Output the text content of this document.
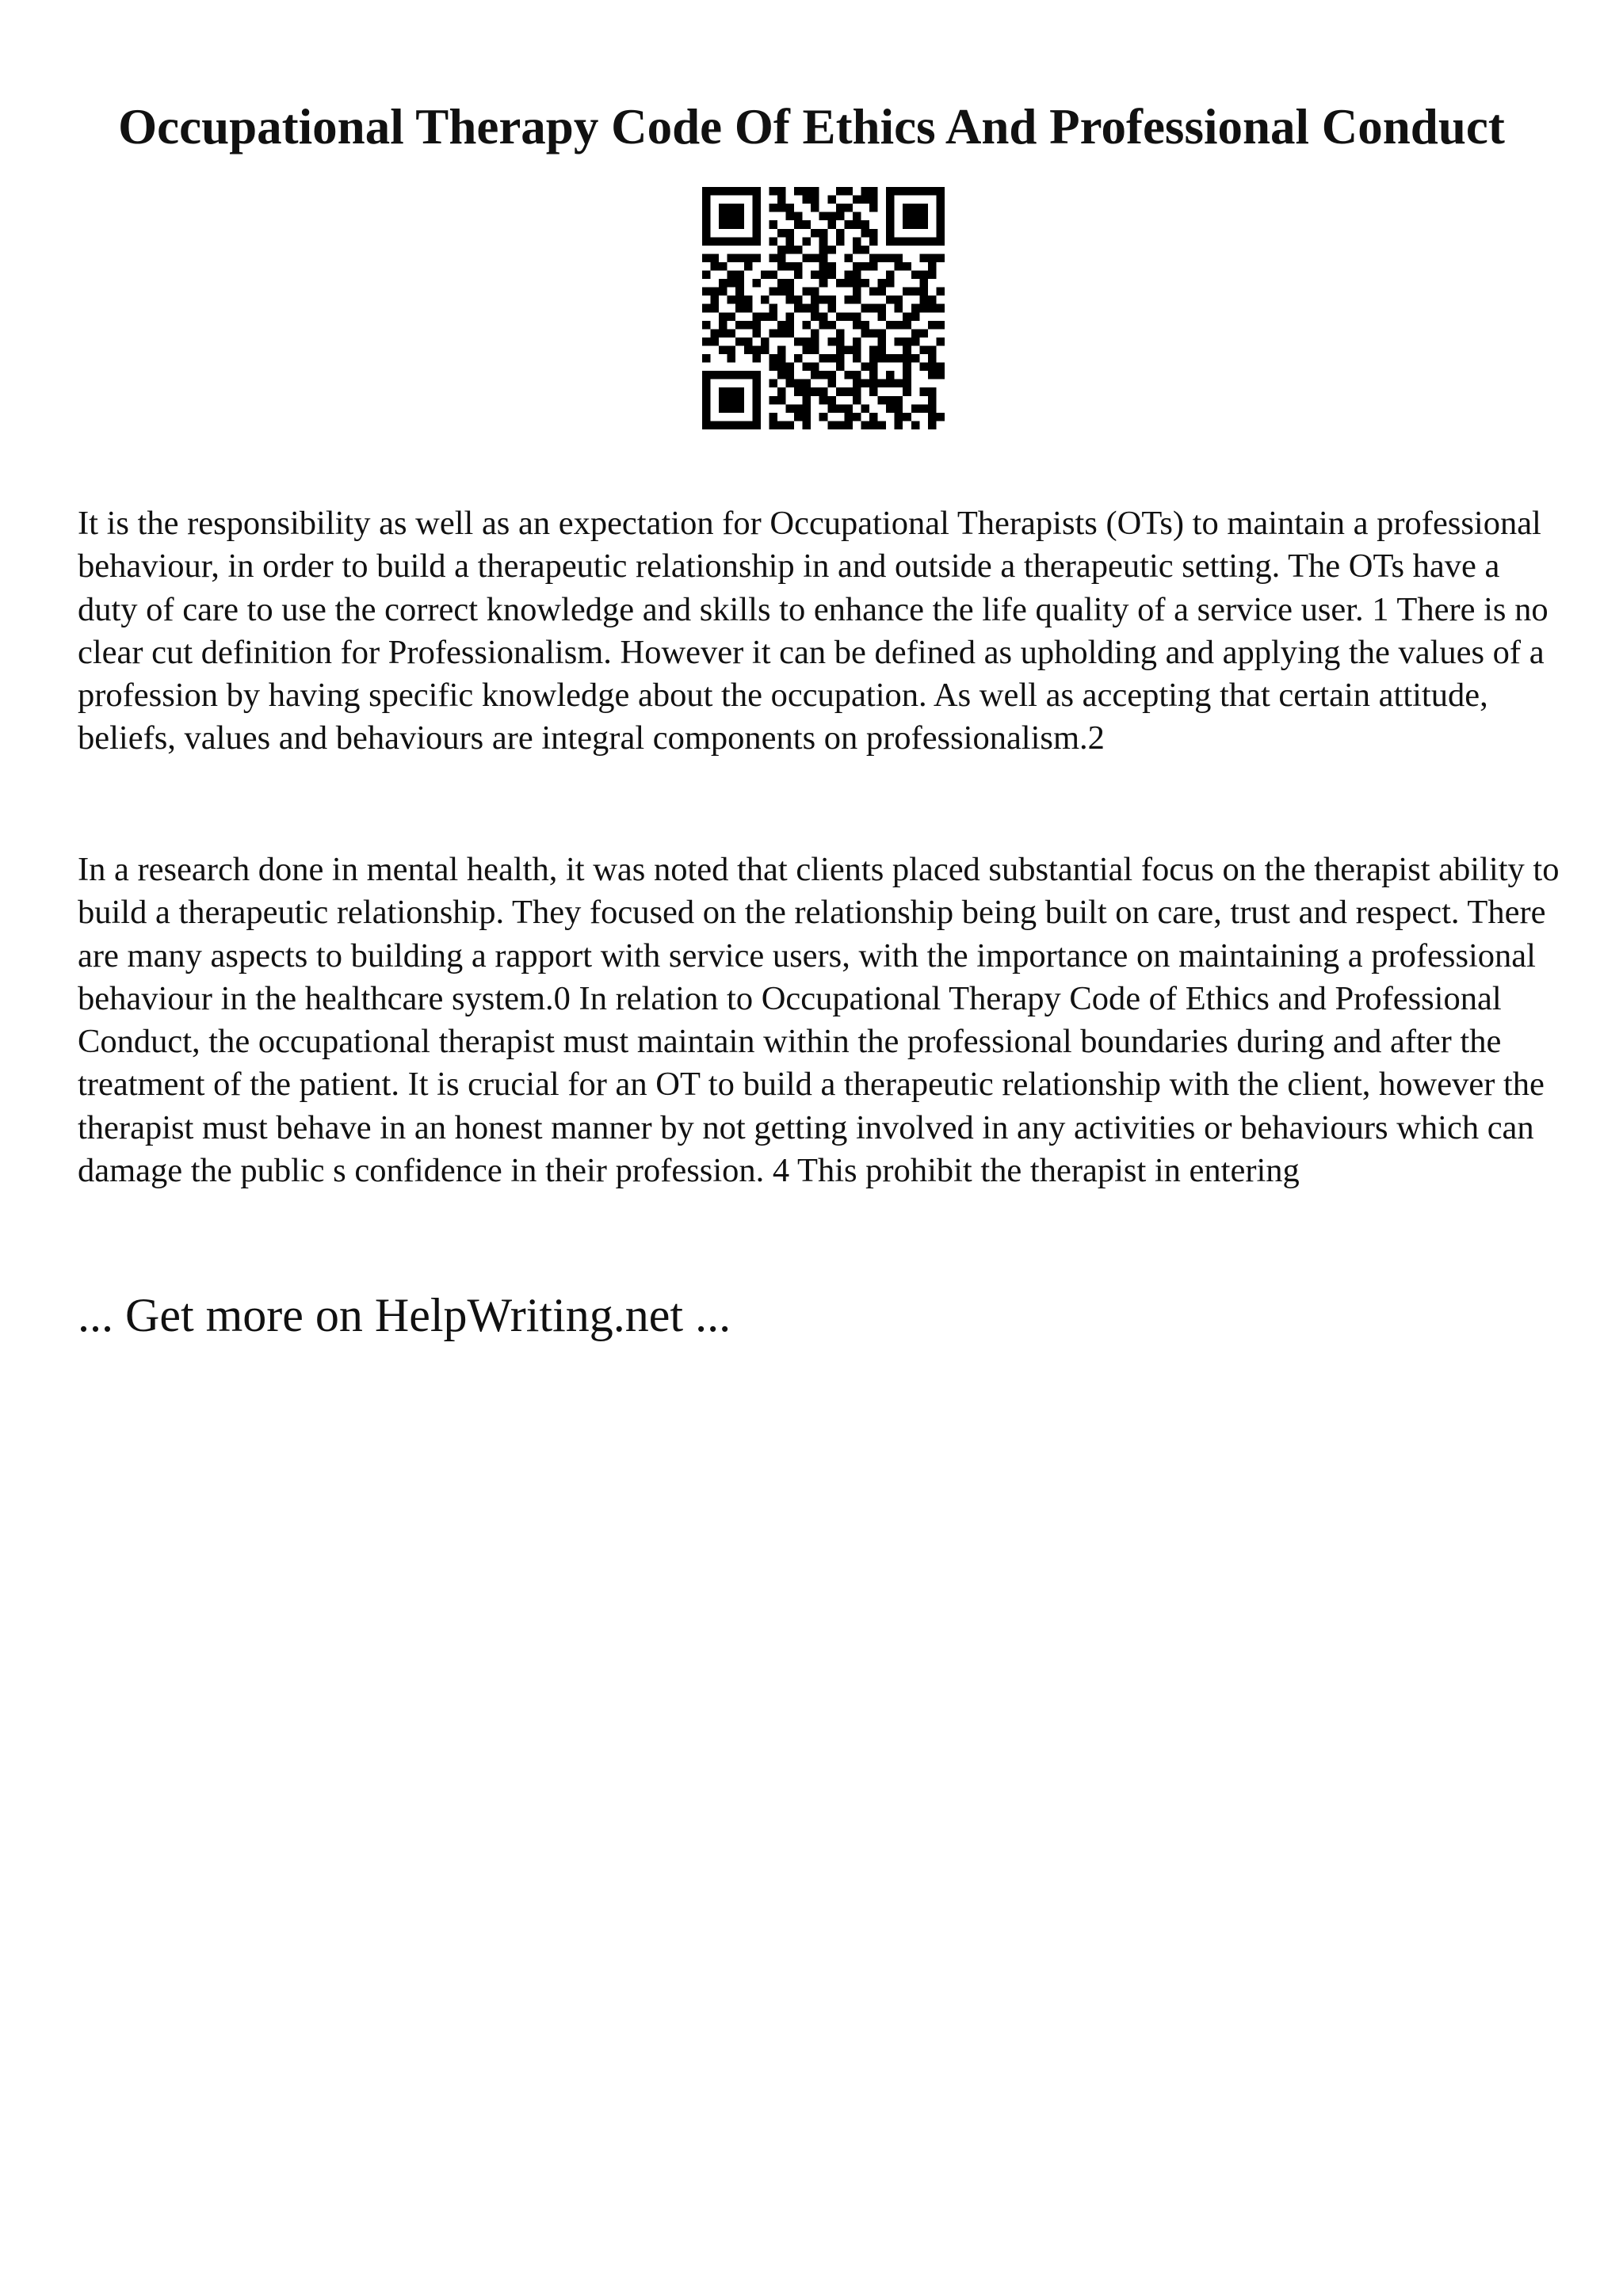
Occupational Therapy Code Of Ethics And Professional Conduct

It is the responsibility as well as an expectation for Occupational Therapists (OTs) to maintain a professional behaviour, in order to build a therapeutic relationship in and outside a therapeutic setting. The OTs have a duty of care to use the correct knowledge and skills to enhance the life quality of a service user. 1 There is no clear cut definition for Professionalism. However it can be defined as upholding and applying the values of a profession by having specific knowledge about the occupation. As well as accepting that certain attitude, beliefs, values and behaviours are integral components on professionalism.2

In a research done in mental health, it was noted that clients placed substantial focus on the therapist ability to build a therapeutic relationship. They focused on the relationship being built on care, trust and respect. There are many aspects to building a rapport with service users, with the importance on maintaining a professional behaviour in the healthcare system.0 In relation to Occupational Therapy Code of Ethics and Professional Conduct, the occupational therapist must maintain within the professional boundaries during and after the treatment of the patient. It is crucial for an OT to build a therapeutic relationship with the client, however the therapist must behave in an honest manner by not getting involved in any activities or behaviours which can damage the public s confidence in their profession. 4 This prohibit the therapist in entering

... Get more on HelpWriting.net ...
